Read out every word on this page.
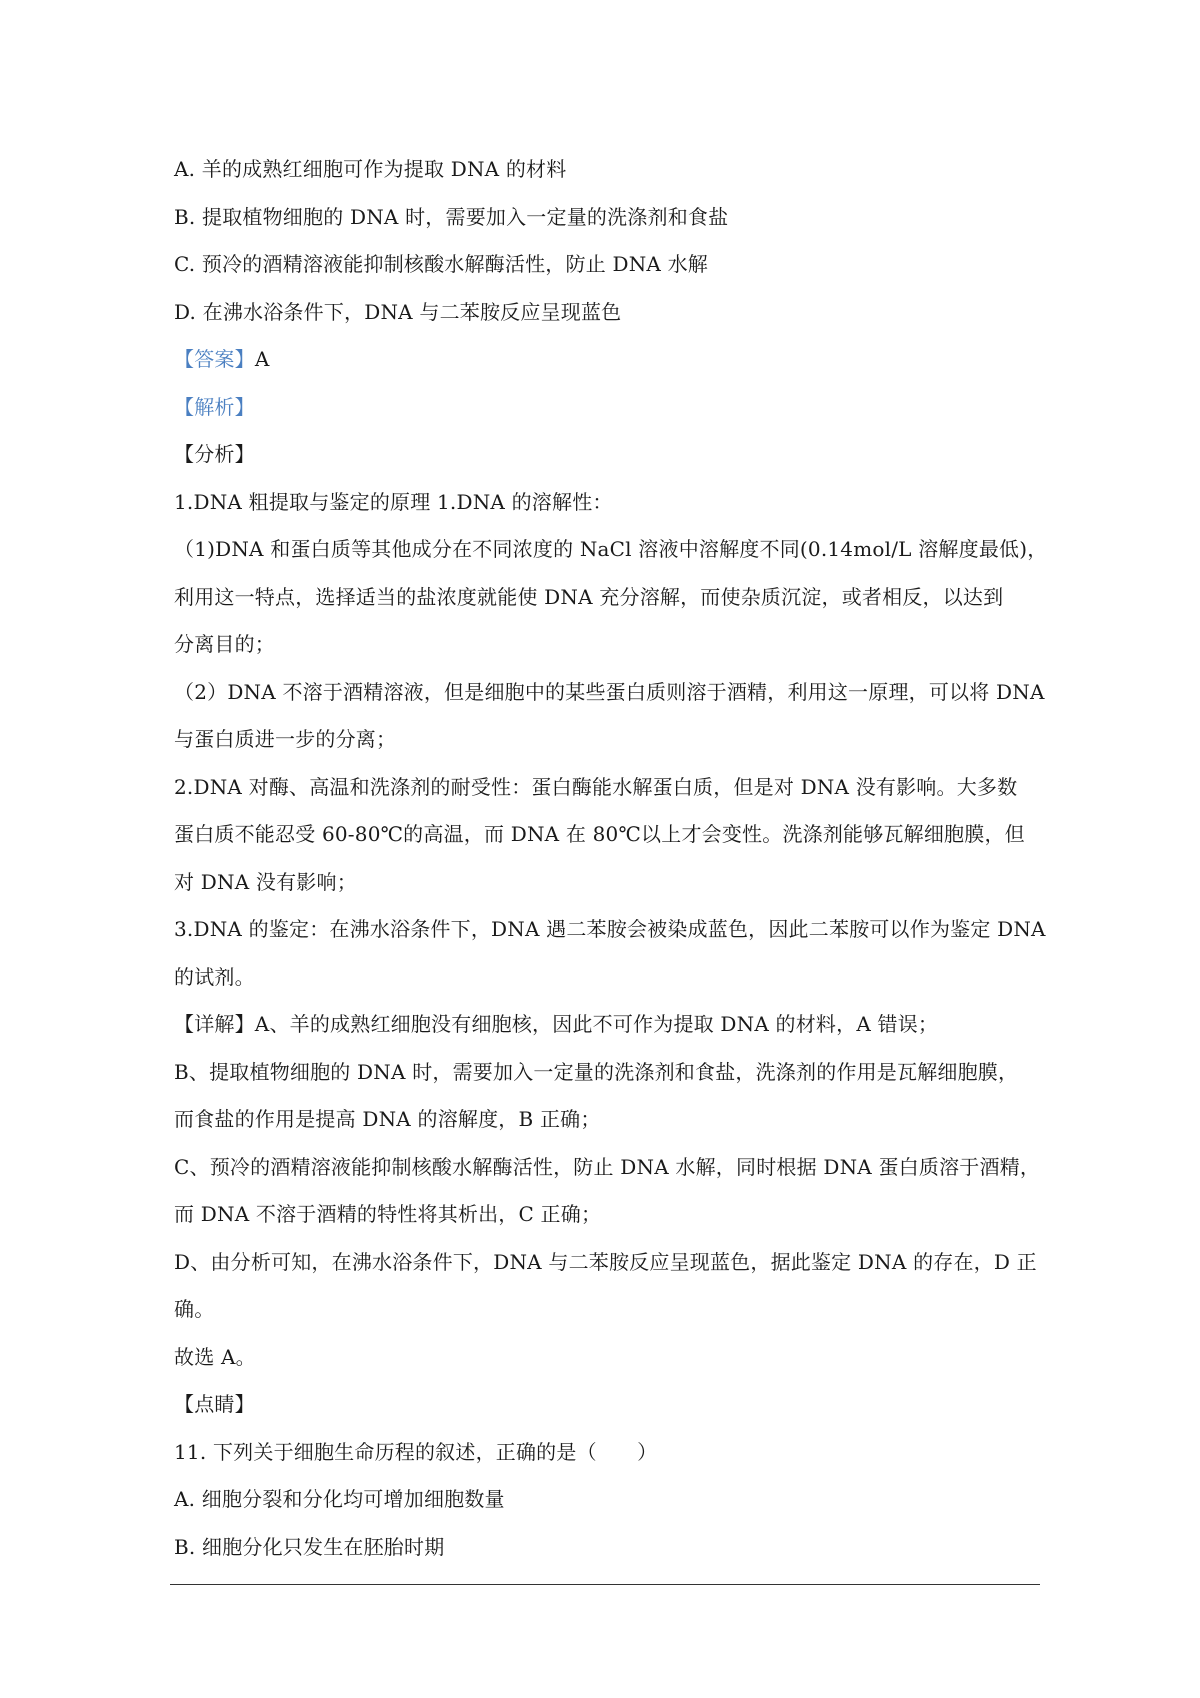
A. 羊的成熟红细胞可作为提取 DNA 的材料
B. 提取植物细胞的 DNA 时，需要加入一定量的洗涤剂和食盐
C. 预冷的酒精溶液能抑制核酸水解酶活性，防止 DNA 水解
D. 在沸水浴条件下，DNA 与二苯胺反应呈现蓝色
【答案】A
【解析】
【分析】
1.DNA 粗提取与鉴定的原理 1.DNA 的溶解性：
（1)DNA 和蛋白质等其他成分在不同浓度的 NaCl 溶液中溶解度不同(0.14mol/L 溶解度最低)，
利用这一特点，选择适当的盐浓度就能使 DNA 充分溶解，而使杂质沉淀，或者相反，以达到
分离目的；
（2）DNA 不溶于酒精溶液，但是细胞中的某些蛋白质则溶于酒精，利用这一原理，可以将 DNA
与蛋白质进一步的分离；
2.DNA 对酶、高温和洗涤剂的耐受性：蛋白酶能水解蛋白质，但是对 DNA 没有影响。大多数
蛋白质不能忍受 60-80℃的高温，而 DNA 在 80℃以上才会变性。洗涤剂能够瓦解细胞膜，但
对 DNA 没有影响；
3.DNA 的鉴定：在沸水浴条件下，DNA 遇二苯胺会被染成蓝色，因此二苯胺可以作为鉴定 DNA
的试剂。
【详解】A、羊的成熟红细胞没有细胞核，因此不可作为提取 DNA 的材料，A 错误；
B、提取植物细胞的 DNA 时，需要加入一定量的洗涤剂和食盐，洗涤剂的作用是瓦解细胞膜，
而食盐的作用是提高 DNA 的溶解度，B 正确；
C、预冷的酒精溶液能抑制核酸水解酶活性，防止 DNA 水解，同时根据 DNA 蛋白质溶于酒精，
而 DNA 不溶于酒精的特性将其析出，C 正确；
D、由分析可知，在沸水浴条件下，DNA 与二苯胺反应呈现蓝色，据此鉴定 DNA 的存在，D 正
确。
故选 A。
【点睛】
11. 下列关于细胞生命历程的叙述，正确的是（　　）
A. 细胞分裂和分化均可增加细胞数量
B. 细胞分化只发生在胚胎时期
